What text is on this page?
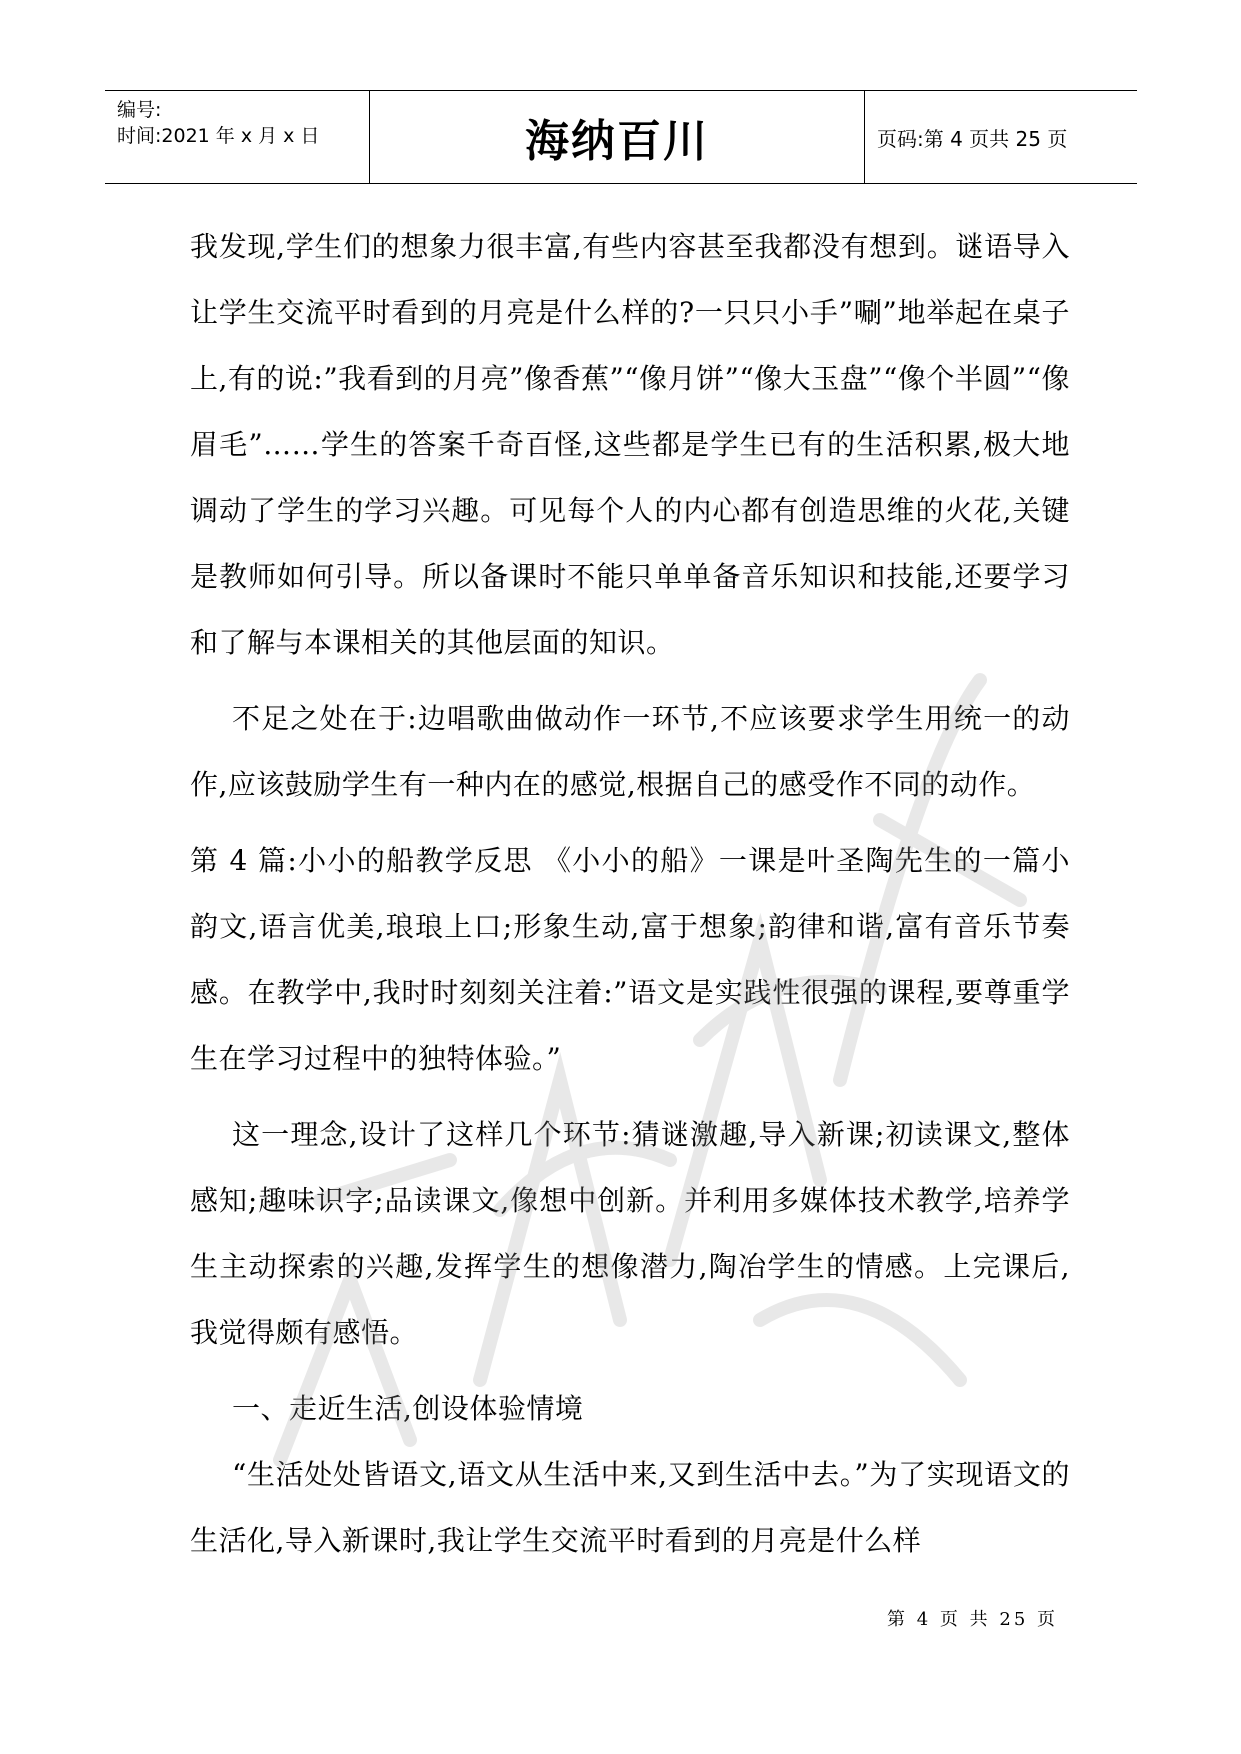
编号:
时间:2021 年 x 月 x 日	海纳百川	页码:第 4 页共 25 页

我发现,学生们的想象力很丰富,有些内容甚至我都没有想到。谜语导入让学生交流平时看到的月亮是什么样的?一只只小手”唰”地举起在桌子上,有的说:”我看到的月亮”像香蕉”“像月饼”“像大玉盘”“像个半圆”“像眉毛”……学生的答案千奇百怪,这些都是学生已有的生活积累,极大地调动了学生的学习兴趣。可见每个人的内心都有创造思维的火花,关键是教师如何引导。所以备课时不能只单单备音乐知识和技能,还要学习和了解与本课相关的其他层面的知识。

不足之处在于:边唱歌曲做动作一环节,不应该要求学生用统一的动作,应该鼓励学生有一种内在的感觉,根据自己的感受作不同的动作。

第 4 篇:小小的船教学反思 《小小的船》一课是叶圣陶先生的一篇小韵文,语言优美,琅琅上口;形象生动,富于想象;韵律和谐,富有音乐节奏感。在教学中,我时时刻刻关注着:”语文是实践性很强的课程,要尊重学生在学习过程中的独特体验。”

这一理念,设计了这样几个环节:猜谜激趣,导入新课;初读课文,整体感知;趣味识字;品读课文,像想中创新。并利用多媒体技术教学,培养学生主动探索的兴趣,发挥学生的想像潜力,陶冶学生的情感。上完课后,我觉得颇有感悟。

一、走近生活,创设体验情境

“生活处处皆语文,语文从生活中来,又到生活中去。”为了实现语文的生活化,导入新课时,我让学生交流平时看到的月亮是什么样

第 4 页 共 25 页
